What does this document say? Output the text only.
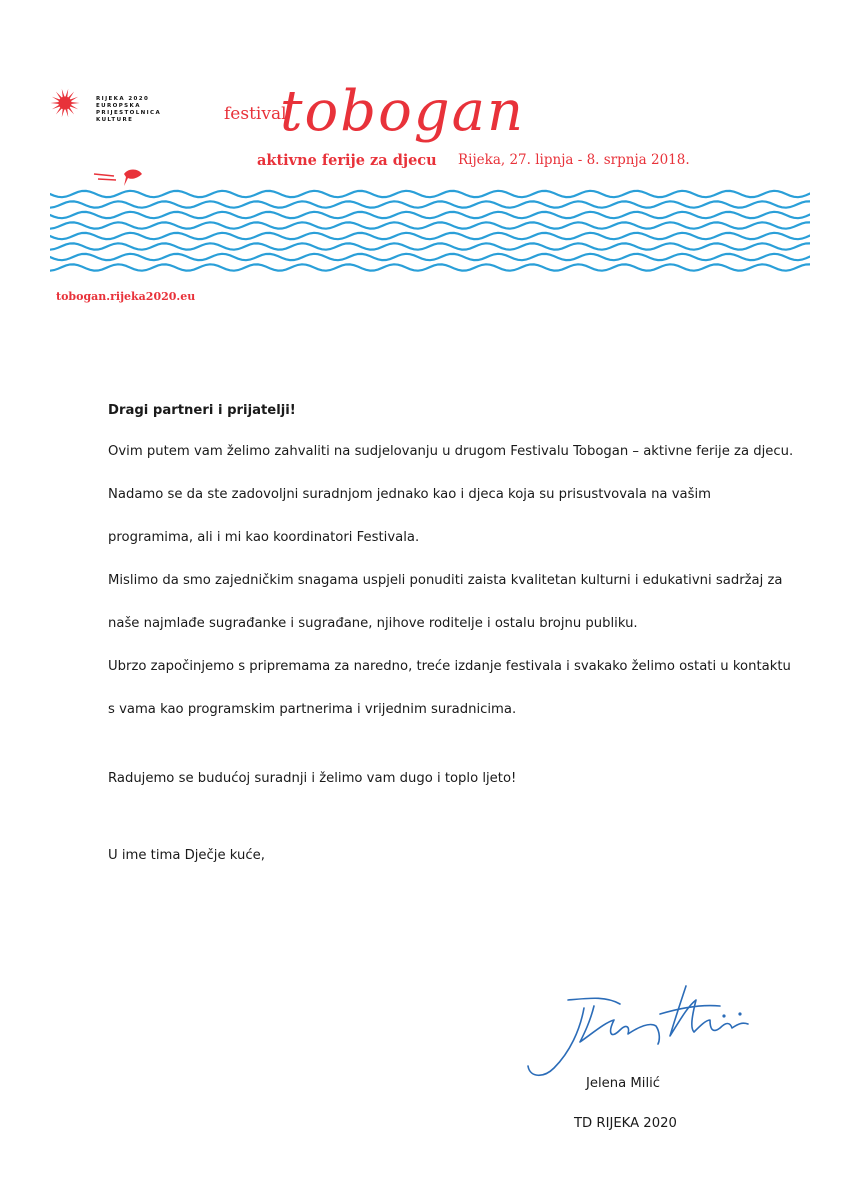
RIJEKA 2020
EUROPSKA
PRIJESTOLNICA
KULTURE	festival
tobogan
aktivne ferije za djecu Rijeka, 27. lipnja - 8. srpnja 2018.
tobogan.rijeka2020.eu

Dragi partneri i prijatelji!

Ovim putem vam želimo zahvaliti na sudjelovanju u drugom Festivalu Tobogan – aktivne ferije za djecu.

Nadamo se da ste zadovoljni suradnjom jednako kao i djeca koja su prisustvovala na vašim programima, ali i mi kao koordinatori Festivala.

Mislimo da smo zajedničkim snagama uspjeli ponuditi zaista kvalitetan kulturni i edukativni sadržaj za naše najmlađe sugrađanke i sugrađane, njihove roditelje i ostalu brojnu publiku.

Ubrzo započinjemo s pripremama za naredno, treće izdanje festivala i svakako želimo ostati u kontaktu s vama kao programskim partnerima i vrijednim suradnicima.

Radujemo se budućoj suradnji i želimo vam dugo i toplo ljeto!

U ime tima Dječje kuće,

Jelena Milić
TD RIJEKA 2020
